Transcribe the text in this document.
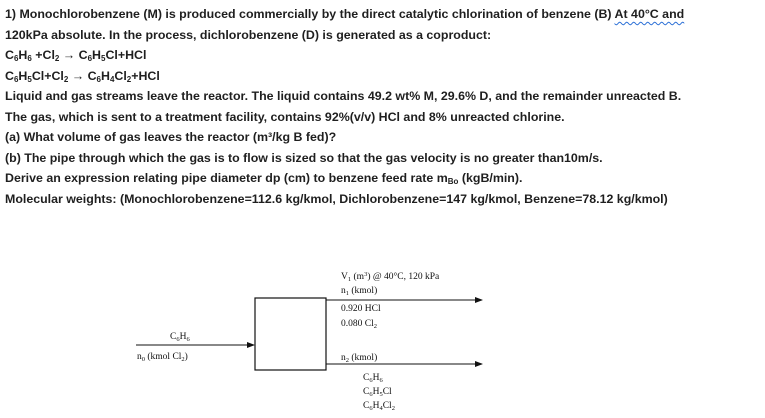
1) Monochlorobenzene (M) is produced commercially by the direct catalytic chlorination of benzene (B) At 40°C and
120kPa absolute. In the process, dichlorobenzene (D) is generated as a coproduct:
$C_6H_6 +Cl_2 \to C_6H_5Cl+HCl$
$C_6H_5Cl+Cl_2 \to C_6H_4Cl_2+HCl$
Liquid and gas streams leave the reactor. The liquid contains 49.2 wt% M, 29.6% D, and the remainder unreacted B.
The gas, which is sent to a treatment facility, contains 92%(v/v) HCl and 8% unreacted chlorine.
(a) What volume of gas leaves the reactor (m³/kg B fed)?
(b) The pipe through which the gas is to flow is sized so that the gas velocity is no greater than10m/s.
Derive an expression relating pipe diameter dp (cm) to benzene feed rate $m_{Bo}$ (kgB/min).
Molecular weights: (Monochlorobenzene=112.6 kg/kmol, Dichlorobenzene=147 kg/kmol, Benzene=78.12 kg/kmol)
$C_6H_6$
$n_0$ (kmol $Cl_2$)
$V_1$ $(m^3)$ @ 40°C, 120 kPa
$n_1$ (kmol)
0.920 HCl
0.080 $Cl_2$
$n_2$ (kmol)
$C_6H_6$
$C_6H_5Cl$
$C_6H_4Cl_2$
